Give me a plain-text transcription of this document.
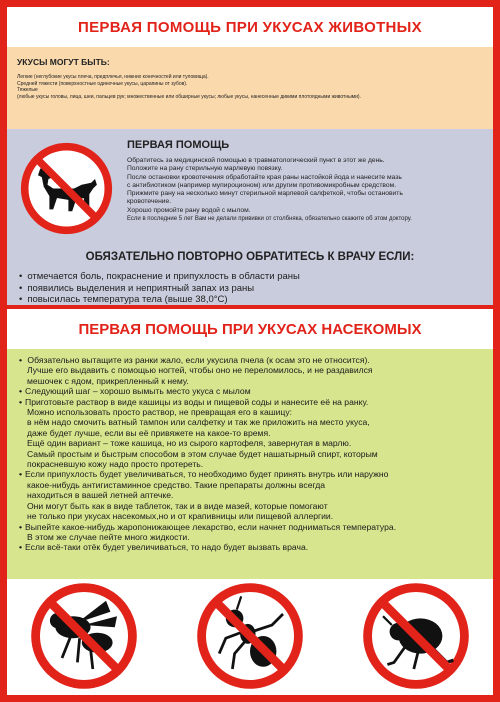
ПЕРВАЯ ПОМОЩЬ ПРИ УКУСАХ ЖИВОТНЫХ
УКУСЫ МОГУТ БЫТЬ:
Легкие (неглубокие укусы плеча, предплечья, нижних конечностей или туловища).
Средней тяжести (поверхностные одиночные укусы, царапины от зубов).
Тяжелые
(любые укусы головы, лица, шеи, пальцев рук; множественные или обширные укусы; любые укусы, нанесенные дикими плотоядными животными).
ПЕРВАЯ ПОМОЩЬ
Обратитесь за медицинской помощью в травматологический пункт в этот же день.
Положите на рану стерильную марлевую повязку.
После остановки кровотечения обработайте края раны настойкой йода и нанесите мазь
с антибиотиком (например мупироционом) или другим противомикробным средством.
Прижмите рану на несколько минут стерильной марлевой салфеткой, чтобы остановить
кровотечение.
Хорошо промойте рану водой с мылом.
Если в последние 5 лет Вам не делали прививки от столбняка, обязательно скажите об этом доктору.
ОБЯЗАТЕЛЬНО ПОВТОРНО ОБРАТИТЕСЬ К ВРАЧУ ЕСЛИ:
• отмечается боль, покраснение и припухлость в области раны
• появились выделения и неприятный запах из раны
• повысилась температура тела (выше 38,0°С)
ПЕРВАЯ ПОМОЩЬ ПРИ УКУСАХ НАСЕКОМЫХ
• Обязательно вытащите из ранки жало, если укусила пчела (к осам это не относится).
Лучше его выдавить с помощью ногтей, чтобы оно не переломилось, и не раздавился
мешочек с ядом, прикрепленный к нему.
• Следующий шаг – хорошо вымыть место укуса с мылом
• Приготовьте раствор в виде кашицы из воды и пищевой соды и нанесите её на ранку.
Можно использовать просто раствор, не превращая его в кашицу:
в нём надо смочить ватный тампон или салфетку и так же приложить на место укуса,
даже будет лучше, если вы её привяжете на какое-то время.
Ещё один вариант – тоже кашица, но из сырого картофеля, завернутая в марлю.
Самый простым и быстрым способом в этом случае будет нашатырный спирт, которым
покрасневшую кожу надо просто протереть.
• Если припухлость будет увеличиваться, то необходимо будет принять внутрь или наружно
какое-нибудь антигистаминное средство. Такие препараты должны всегда
находиться в вашей летней аптечке.
Они могут быть как в виде таблеток, так и в виде мазей, которые помогают
не только при укусах насекомых,но и от крапивницы или пищевой аллергии.
• Выпейте какое-нибудь жаропонижающее лекарство, если начнет подниматься температура.
В этом же случае пейте много жидкости.
• Если всё-таки отёк будет увеличиваться, то надо будет вызвать врача.
